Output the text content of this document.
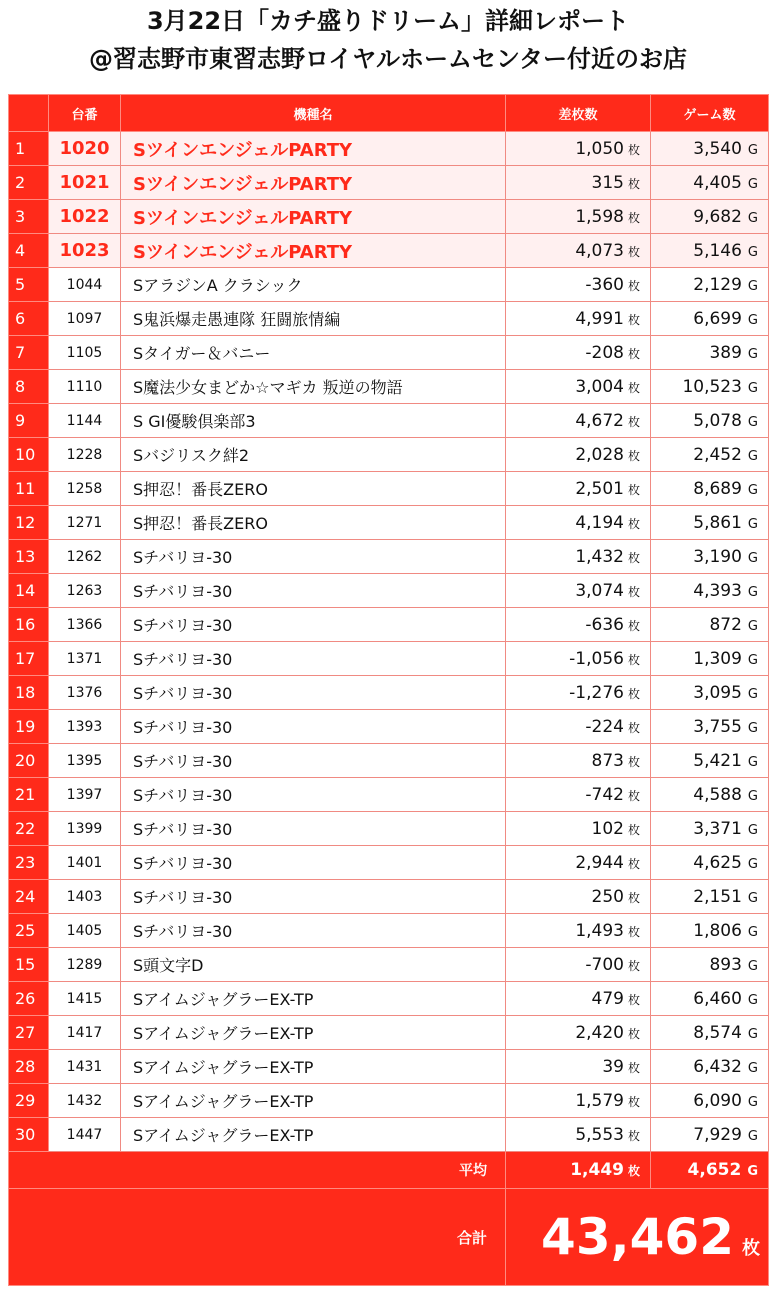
3月22日「カチ盛りドリーム」詳細レポート
@習志野市東習志野ロイヤルホームセンター付近のお店
	台番	機種名	差枚数	ゲーム数
1	1020	SツインエンジェルPARTY	1,050 枚	3,540 G
2	1021	SツインエンジェルPARTY	315 枚	4,405 G
3	1022	SツインエンジェルPARTY	1,598 枚	9,682 G
4	1023	SツインエンジェルPARTY	4,073 枚	5,146 G
5	1044	SアラジンA クラシック	-360 枚	2,129 G
6	1097	S鬼浜爆走愚連隊 狂闘旅情編	4,991 枚	6,699 G
7	1105	Sタイガー＆バニー	-208 枚	389 G
8	1110	S魔法少女まどか☆マギカ 叛逆の物語	3,004 枚	10,523 G
9	1144	S GI優駿倶楽部3	4,672 枚	5,078 G
10	1228	Sバジリスク絆2	2,028 枚	2,452 G
11	1258	S押忍！番長ZERO	2,501 枚	8,689 G
12	1271	S押忍！番長ZERO	4,194 枚	5,861 G
13	1262	Sチバリヨ-30	1,432 枚	3,190 G
14	1263	Sチバリヨ-30	3,074 枚	4,393 G
16	1366	Sチバリヨ-30	-636 枚	872 G
17	1371	Sチバリヨ-30	-1,056 枚	1,309 G
18	1376	Sチバリヨ-30	-1,276 枚	3,095 G
19	1393	Sチバリヨ-30	-224 枚	3,755 G
20	1395	Sチバリヨ-30	873 枚	5,421 G
21	1397	Sチバリヨ-30	-742 枚	4,588 G
22	1399	Sチバリヨ-30	102 枚	3,371 G
23	1401	Sチバリヨ-30	2,944 枚	4,625 G
24	1403	Sチバリヨ-30	250 枚	2,151 G
25	1405	Sチバリヨ-30	1,493 枚	1,806 G
15	1289	S頭文字D	-700 枚	893 G
26	1415	SアイムジャグラーEX-TP	479 枚	6,460 G
27	1417	SアイムジャグラーEX-TP	2,420 枚	8,574 G
28	1431	SアイムジャグラーEX-TP	39 枚	6,432 G
29	1432	SアイムジャグラーEX-TP	1,579 枚	6,090 G
30	1447	SアイムジャグラーEX-TP	5,553 枚	7,929 G
平均			1,449 枚	4,652 G
合計			43,462 枚	
